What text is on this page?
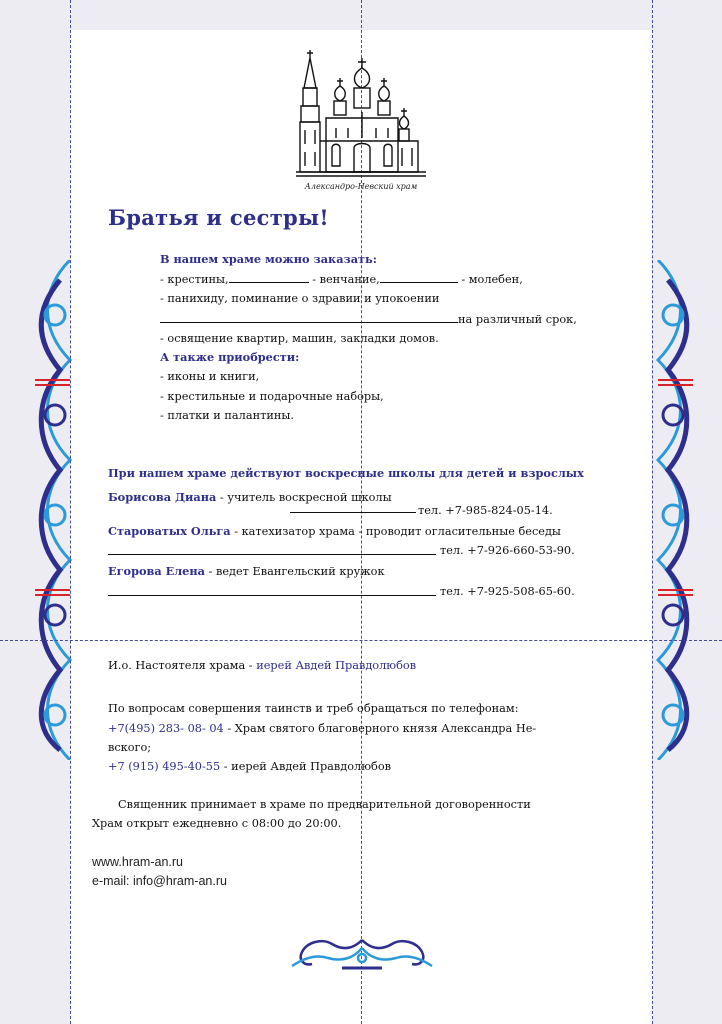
Александро-Невский храм
Братья и сестры!
В нашем храме можно заказать:
- крестины,	- венчание,	- молебен,
- панихиду, поминание о здравии и упокоении
на различный срок,
- освящение квартир, машин, закладки домов.
А также приобрести:
- иконы и книги,
- крестильные и подарочные наборы,
- платки и палантины.
При нашем храме действуют воскресные школы для детей и взрослых
Борисова Диана - учитель воскресной школы
тел. +7-985-824-05-14.
Староватых Ольга - катехизатор храма - проводит огласительные беседы
тел. +7-926-660-53-90.
Егорова Елена - ведет Евангельский кружок
тел. +7-925-508-65-60.
И.о. Настоятеля храма - иерей Авдей Правдолюбов
По вопросам совершения таинств и треб обращаться по телефонам:
+7(495) 283- 08- 04 - Храм святого благоверного князя Александра Не-
вского;
+7 (915) 495-40-55 - иерей Авдей Правдолюбов
Священник принимает в храме по предварительной договоренности
Храм открыт ежедневно с 08:00 до 20:00.
www.hram-an.ru
e-mail: info@hram-an.ru
